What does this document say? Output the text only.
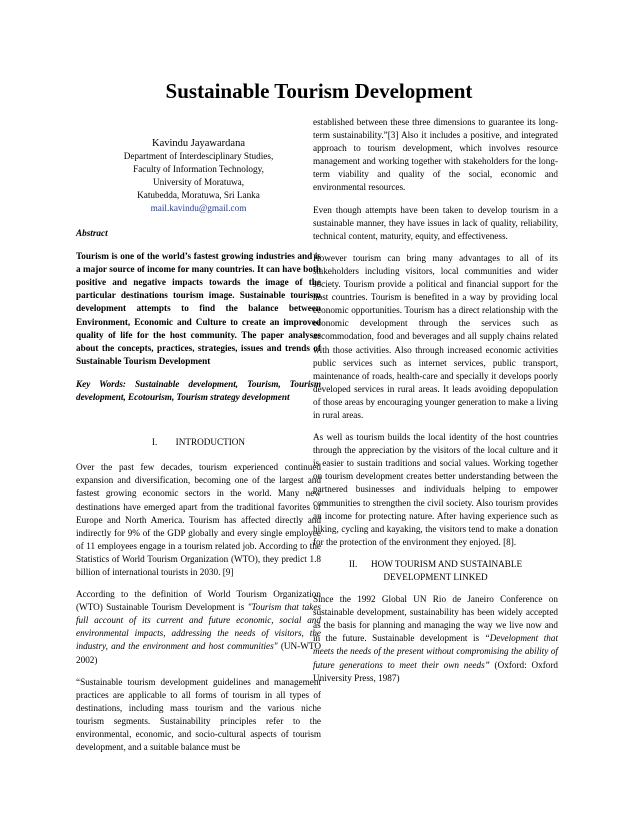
Sustainable Tourism Development
Kavindu Jayawardana
Department of Interdesciplinary Studies,
Faculty of Information Technology,
University of Moratuwa,
Katubedda, Moratuwa, Sri Lanka
mail.kavindu@gmail.com
Abstract

Tourism is one of the world’s fastest growing industries and is a major source of income for many countries. It can have both positive and negative impacts towards the image of the particular destinations tourism image. Sustainable tourism development attempts to find the balance between Environment, Economic and Culture to create an improved quality of life for the host community. The paper analyses about the concepts, practices, strategies, issues and trends of Sustainable Tourism Development

Key Words: Sustainable development, Tourism, Tourism development, Ecotourism, Tourism strategy development

I.        INTRODUCTION

Over the past few decades, tourism experienced continued expansion and diversification, becoming one of the largest and fastest growing economic sectors in the world. Many new destinations have emerged apart from the traditional favorites of Europe and North America. Tourism has affected directly and indirectly for 9% of the GDP globally and every single employee of 11 employees engage in a tourism related job. According to the Statistics of World Tourism Organization (WTO), they predict 1.8 billion of international tourists in 2030. [9]

According to the definition of World Tourism Organization (WTO) Sustainable Tourism Development is "Tourism that takes full account of its current and future economic, social and environmental impacts, addressing the needs of visitors, the industry, and the environment and host communities" (UN-WTO 2002)

“Sustainable tourism development guidelines and management practices are applicable to all forms of tourism in all types of destinations, including mass tourism and the various niche tourism segments. Sustainability principles refer to the environmental, economic, and socio-cultural aspects of tourism development, and a suitable balance must be

established between these three dimensions to guarantee its long-term sustainability.”[3] Also it includes a positive, and integrated approach to tourism development, which involves resource management and working together with stakeholders for the long-term viability and quality of the social, economic and environmental resources.

Even though attempts have been taken to develop tourism in a sustainable manner, they have issues in lack of quality, reliability, technical content, maturity, equity, and effectiveness.

However tourism can bring many advantages to all of its stakeholders including visitors, local communities and wider society. Tourism provide a political and financial support for the host countries. Tourism is benefited in a way by providing local economic opportunities. Tourism has a direct relationship with the economic development through the services such as accommodation, food and beverages and all supply chains related with those activities. Also through increased economic activities public services such as internet services, public transport, maintenance of roads, health-care and specially it develops poorly developed services in rural areas. It leads avoiding depopulation of those areas by encouraging younger generation to make a living in rural areas.

As well as tourism builds the local identity of the host countries through the appreciation by the visitors of the local culture and it is easier to sustain traditions and social values. Working together on tourism development creates better understanding between the partnered businesses and individuals helping to empower communities to strengthen the civil society. Also tourism provides an income for protecting nature. After having experience such as hiking, cycling and kayaking, the visitors tend to make a donation for the protection of the environment they enjoyed. [8].

II.      HOW TOURISM AND SUSTAINABLE
DEVELOPMENT LINKED

Since the 1992 Global UN Rio de Janeiro Conference on sustainable development, sustainability has been widely accepted as the basis for planning and managing the way we live now and in the future. Sustainable development is “Development that meets the needs of the present without compromising the ability of future generations to meet their own needs” (Oxford: Oxford University Press, 1987)
